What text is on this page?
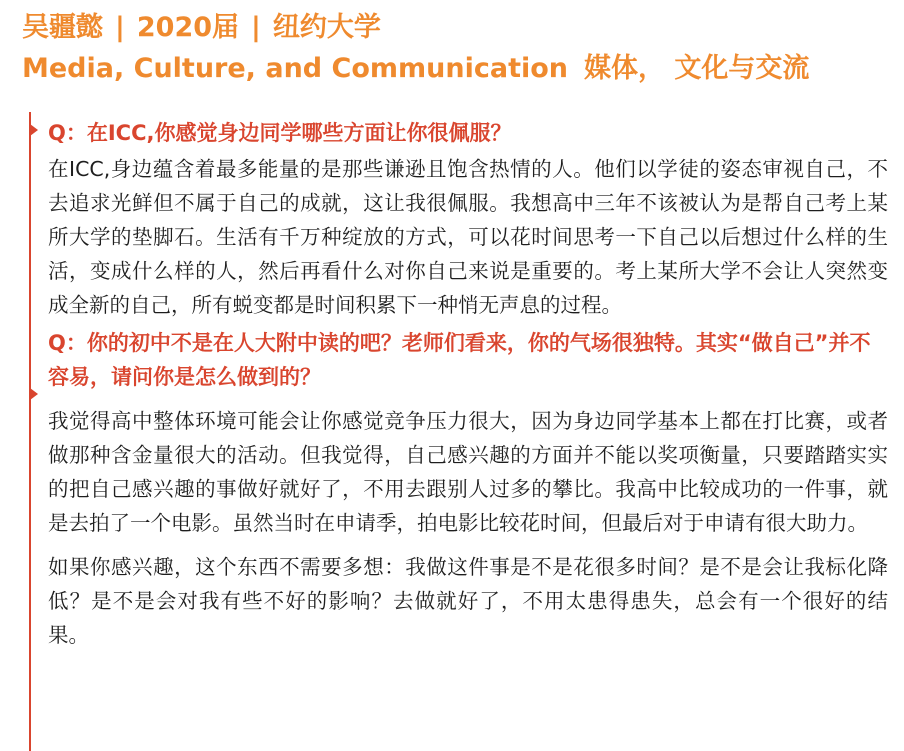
吴疆懿 | 2020届 | 纽约大学
Media, Culture, and Communication 媒体， 文化与交流

Q：在ICC,你感觉身边同学哪些方面让你很佩服？

在ICC,身边蕴含着最多能量的是那些谦逊且饱含热情的人。他们以学徒的姿态审视自己，不去追求光鲜但不属于自己的成就，这让我很佩服。我想高中三年不该被认为是帮自己考上某所大学的垫脚石。生活有千万种绽放的方式，可以花时间思考一下自己以后想过什么样的生活，变成什么样的人，然后再看什么对你自己来说是重要的。考上某所大学不会让人突然变成全新的自己，所有蜕变都是时间积累下一种悄无声息的过程。

Q：你的初中不是在人大附中读的吧？老师们看来，你的气场很独特。其实“做自己”并不容易，请问你是怎么做到的？

我觉得高中整体环境可能会让你感觉竞争压力很大，因为身边同学基本上都在打比赛，或者做那种含金量很大的活动。但我觉得，自己感兴趣的方面并不能以奖项衡量，只要踏踏实实的把自己感兴趣的事做好就好了，不用去跟别人过多的攀比。我高中比较成功的一件事，就是去拍了一个电影。虽然当时在申请季，拍电影比较花时间，但最后对于申请有很大助力。

如果你感兴趣，这个东西不需要多想：我做这件事是不是花很多时间？是不是会让我标化降低？是不是会对我有些不好的影响？去做就好了，不用太患得患失，总会有一个很好的结果。
